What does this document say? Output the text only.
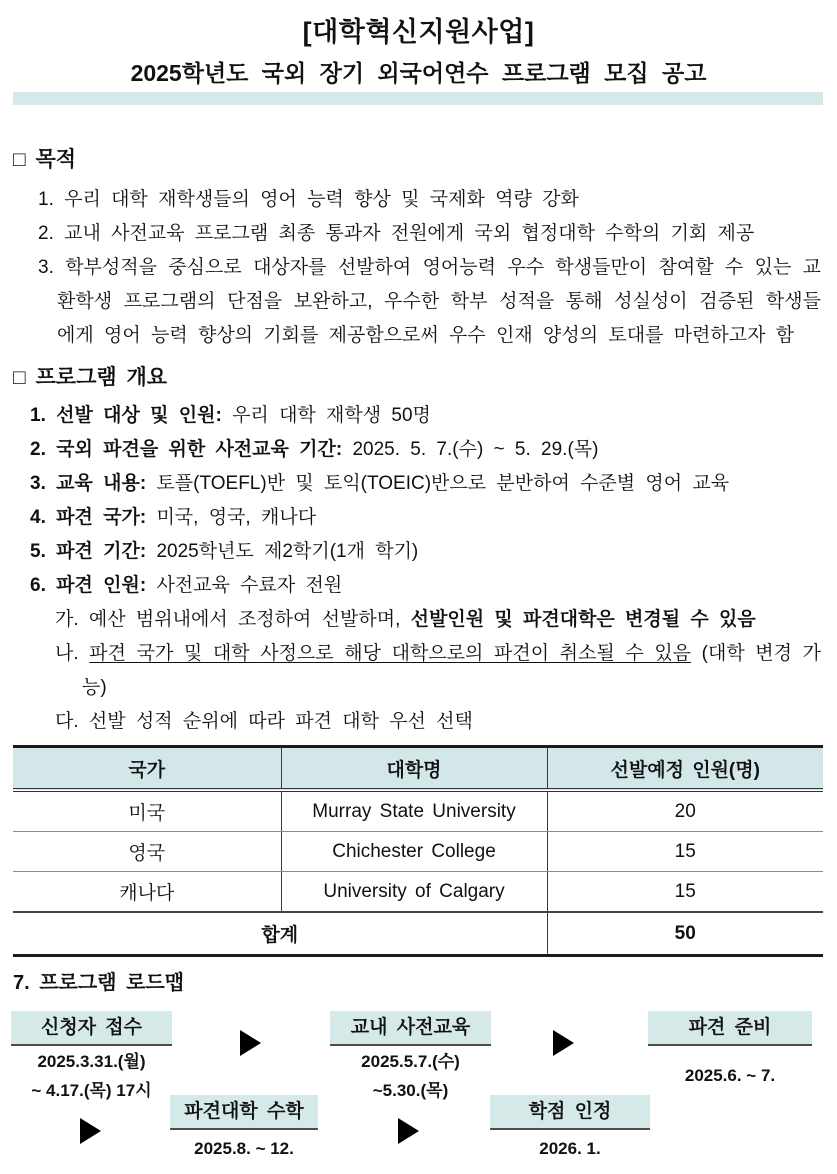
[대학혁신지원사업]
2025학년도 국외 장기 외국어연수 프로그램 모집 공고
□ 목적
1. 우리 대학 재학생들의 영어 능력 향상 및 국제화 역량 강화
2. 교내 사전교육 프로그램 최종 통과자 전원에게 국외 협정대학 수학의 기회 제공
3. 학부성적을 중심으로 대상자를 선발하여 영어능력 우수 학생들만이 참여할 수 있는 교환학생 프로그램의 단점을 보완하고, 우수한 학부 성적을 통해 성실성이 검증된 학생들에게 영어 능력 향상의 기회를 제공함으로써 우수 인재 양성의 토대를 마련하고자 함
□ 프로그램 개요
1. 선발 대상 및 인원: 우리 대학 재학생 50명
2. 국외 파견을 위한 사전교육 기간: 2025. 5. 7.(수) ~ 5. 29.(목)
3. 교육 내용: 토플(TOEFL)반 및 토익(TOEIC)반으로 분반하여 수준별 영어 교육
4. 파견 국가: 미국, 영국, 캐나다
5. 파견 기간: 2025학년도 제2학기(1개 학기)
6. 파견 인원: 사전교육 수료자 전원
가. 예산 범위내에서 조정하여 선발하며, 선발인원 및 파견대학은 변경될 수 있음
나. 파견 국가 및 대학 사정으로 해당 대학으로의 파견이 취소될 수 있음 (대학 변경 가능)
다. 선발 성적 순위에 따라 파견 대학 우선 선택
국가	대학명	선발예정 인원(명)
미국	Murray State University	20
영국	Chichester College	15
캐나다	University of Calgary	15
합계		50
7. 프로그램 로드맵
신청자 접수
2025.3.31.(월)
~ 4.17.(목) 17시
교내 사전교육
2025.5.7.(수)
~5.30.(목)
파견 준비
2025.6. ~ 7.
파견대학 수학
2025.8. ~ 12.
학점 인정
2026. 1.
